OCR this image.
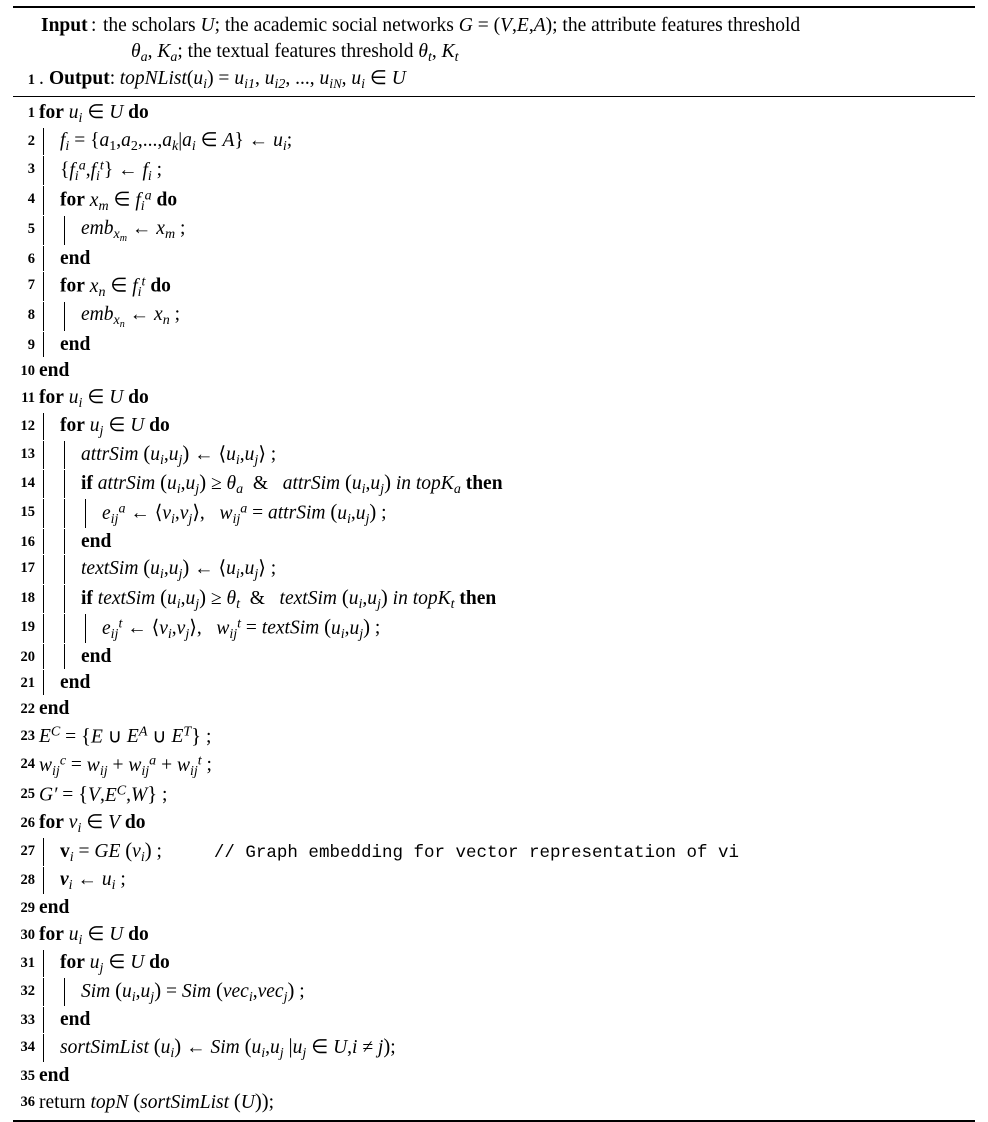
Input : the scholars U; the academic social networks G = (V,E,A); the attribute features threshold
$\theta_a$, $K_a$; the textual features threshold $\theta_t$, $K_t$
1 . Output : $topNList(u_i) = u_{i1}$, $u_{i2}$, ..., $u_{iN}$, $u_i$ ∈ U
1 for $u_i$ ∈ U do
2	$f_i = \{a_1,a_2,...,a_k|a_i$ ∈ A} ← $u_i$;
3	$\{f_i^a,f_i^t\}$ ← $f_i$ ;
4	for $x_m$ ∈ $f_i^a$ do
5	emb$_{x_m}$ ← $x_m$ ;
6	end
7	for $x_n$ ∈ $f_i^t$ do
8	emb$_{x_n}$ ← $x_n$ ;
9	end
10 end
11 for $u_i$ ∈ U do
12	for $u_j$ ∈ U do
13	attrSim $(u_i,u_j)$ ← $⟨u_i,u_j⟩$ ;
14	if attrSim $(u_i,u_j) \ge \theta_a$  &   attrSim $(u_i,u_j)$ in topK$_a$ then
15	$e_{ij}^a$ ← $⟨v_i,v_j⟩$,   $w_{ij}^a$ = attrSim $(u_i,u_j)$ ;
16	end
17	textSim $(u_i,u_j)$ ← $⟨u_i,u_j⟩$ ;
18	if textSim $(u_i,u_j) \ge \theta_t$  &   textSim $(u_i,u_j)$ in topK$_t$ then
19	$e_{ij}^t$ ← $⟨v_i,v_j⟩$,   $w_{ij}^t$ = textSim $(u_i,u_j)$ ;
20	end
21	end
22 end
23 $E^C = \{E$ ∪ $E^A$ ∪ $E^T$} ;
24 $w_{ij}^c = w_{ij} + w_{ij}^a + w_{ij}^t$ ;
25 $G' = \{V,E^C,W\}$ ;
26 for $v_i$ ∈ V do
27	$v_i$ = GE $(v_i)$ ;	// Graph embedding for vector representation of vi
28	$v_i$ ← $u_i$ ;
29 end
30 for $u_i$ ∈ U do
31	for $u_j$ ∈ U do
32	Sim $(u_i,u_j)$ = Sim (vec$_i$,vec$_j$) ;
33	end
34	sortSimList $(u_i)$ ← Sim ($u_i,u_j$ $|u_j$ ∈ U,i ≠ j);
35 end
36 return topN (sortSimList (U));
